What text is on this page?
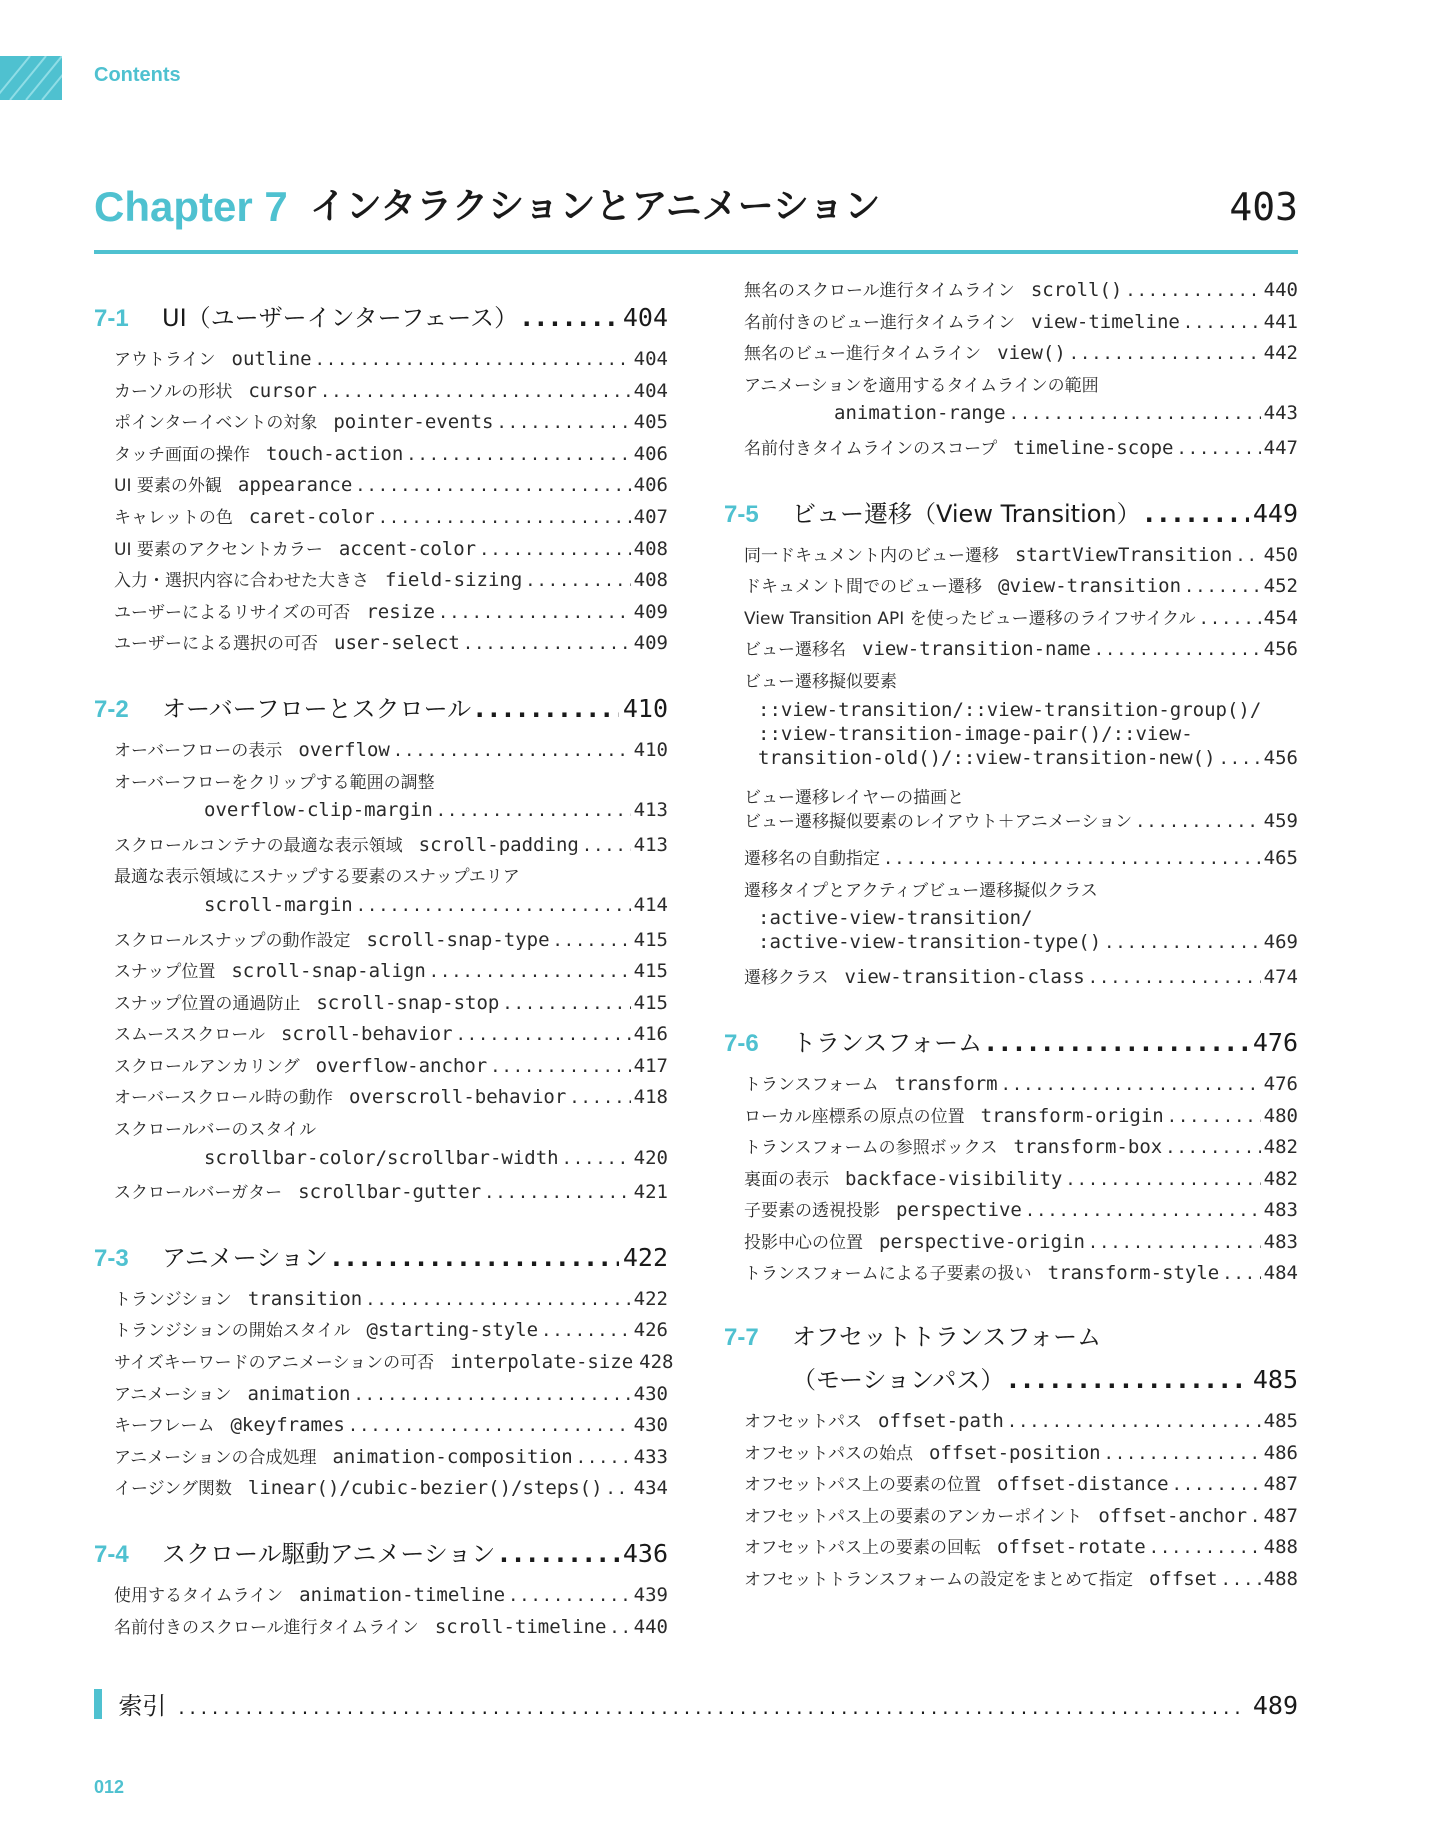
Contents
Chapter 7 インタラクションとアニメーション	403
7-1	UI（ユーザーインターフェース） .....	404
アウトライン outline .....	404
カーソルの形状 cursor .....	404
ポインターイベントの対象 pointer-events .....	405
タッチ画面の操作 touch-action .....	406
UI 要素の外観 appearance .....	406
キャレットの色 caret-color .....	407
UI 要素のアクセントカラー accent-color .....	408
入力・選択内容に合わせた大きさ field-sizing .....	408
ユーザーによるリサイズの可否 resize .....	409
ユーザーによる選択の可否 user-select .....	409
7-2	オーバーフローとスクロール .....	410
オーバーフローの表示 overflow .....	410
オーバーフローをクリップする範囲の調整
overflow-clip-margin .....	413
スクロールコンテナの最適な表示領域 scroll-padding .....	413
最適な表示領域にスナップする要素のスナップエリア
scroll-margin .....	414
スクロールスナップの動作設定 scroll-snap-type .....	415
スナップ位置 scroll-snap-align .....	415
スナップ位置の通過防止 scroll-snap-stop .....	415
スムーススクロール scroll-behavior .....	416
スクロールアンカリング overflow-anchor .....	417
オーバースクロール時の動作 overscroll-behavior .....	418
スクロールバーのスタイル
scrollbar-color/scrollbar-width .....	420
スクロールバーガター scrollbar-gutter .....	421
7-3	アニメーション .....	422
トランジション transition .....	422
トランジションの開始スタイル @starting-style .....	426
サイズキーワードのアニメーションの可否 interpolate-size 428
アニメーション animation .....	430
キーフレーム @keyframes .....	430
アニメーションの合成処理 animation-composition .....	433
イージング関数 linear()/cubic-bezier()/steps() ..... 434
7-4	スクロール駆動アニメーション .....	436
使用するタイムライン animation-timeline .....	439
名前付きのスクロール進行タイムライン scroll-timeline ..... 440
無名のスクロール進行タイムライン scroll() .....	440
名前付きのビュー進行タイムライン view-timeline .....	441
無名のビュー進行タイムライン view() .....	442
アニメーションを適用するタイムラインの範囲
animation-range .....	443
名前付きタイムラインのスコープ timeline-scope .....	447
7-5	ビュー遷移（View Transition） .....	449
同一ドキュメント内のビュー遷移 startViewTransition ..... 450
ドキュメント間でのビュー遷移 @view-transition .....	452
View Transition API を使ったビュー遷移のライフサイクル .....	454
ビュー遷移名 view-transition-name .....	456
ビュー遷移擬似要素
::view-transition/::view-transition-group()/
::view-transition-image-pair()/::view-
transition-old()/::view-transition-new() .....	456
ビュー遷移レイヤーの描画と
ビュー遷移擬似要素のレイアウト＋アニメーション .....	459
遷移名の自動指定 .....	465
遷移タイプとアクティブビュー遷移擬似クラス
:active-view-transition/
:active-view-transition-type() .....	469
遷移クラス view-transition-class .....	474
7-6	トランスフォーム .....	476
トランスフォーム transform .....	476
ローカル座標系の原点の位置 transform-origin .....	480
トランスフォームの参照ボックス transform-box .....	482
裏面の表示 backface-visibility .....	482
子要素の透視投影 perspective .....	483
投影中心の位置 perspective-origin .....	483
トランスフォームによる子要素の扱い transform-style ..... 484
7-7	オフセットトランスフォーム
（モーションパス） .....	485
オフセットパス offset-path .....	485
オフセットパスの始点 offset-position .....	486
オフセットパス上の要素の位置 offset-distance .....	487
オフセットパス上の要素のアンカーポイント offset-anchor ..... 487
オフセットパス上の要素の回転 offset-rotate .....	488
オフセットトランスフォームの設定をまとめて指定 offset ..... 488
索引 .....	489
012
